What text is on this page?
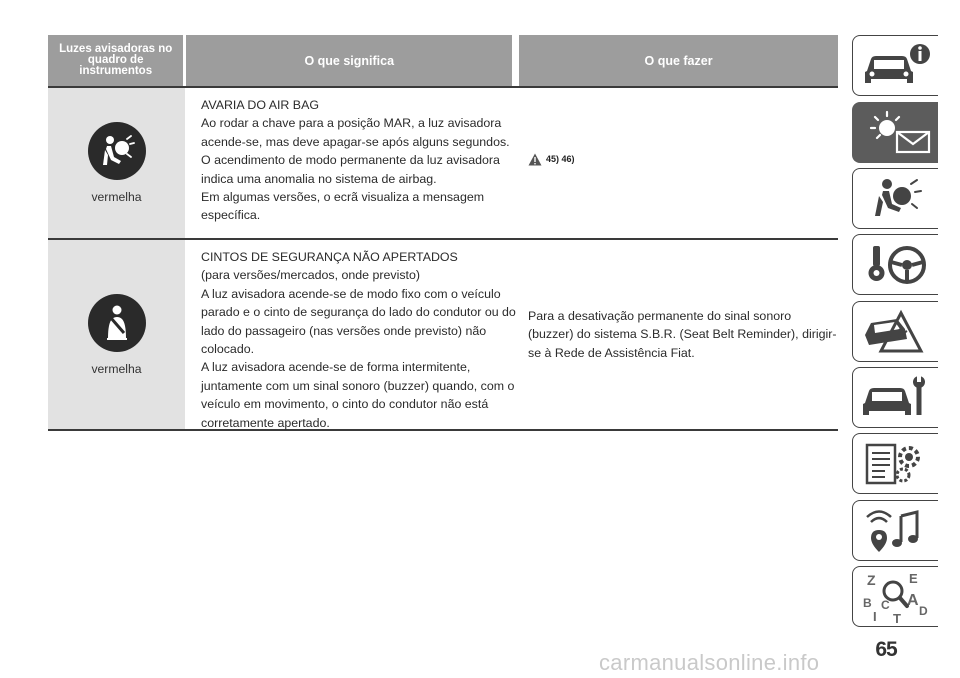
Luzes avisadoras no quadro de instrumentos
O que significa	O que fazer
vermelha
AVARIA DO AIR BAG
Ao rodar a chave para a posição MAR, a luz avisadora acende-se, mas deve apagar-se após alguns segundos.
O acendimento de modo permanente da luz avisadora indica uma anomalia no sistema de airbag.
Em algumas versões, o ecrã visualiza a mensagem específica.
45) 46)
vermelha
CINTOS DE SEGURANÇA NÃO APERTADOS
(para versões/mercados, onde previsto)
A luz avisadora acende-se de modo fixo com o veículo parado e o cinto de segurança do lado do condutor ou do lado do passageiro (nas versões onde previsto) não colocado.
A luz avisadora acende-se de forma intermitente, juntamente com um sinal sonoro (buzzer) quando, com o veículo em movimento, o cinto do condutor não está corretamente apertado.
Para a desativação permanente do sinal sonoro (buzzer) do sistema S.B.R. (Seat Belt Reminder), dirigir-se à Rede de Assistência Fiat.
Z	E
B C A
D
T
I
65
carmanualsonline.info
